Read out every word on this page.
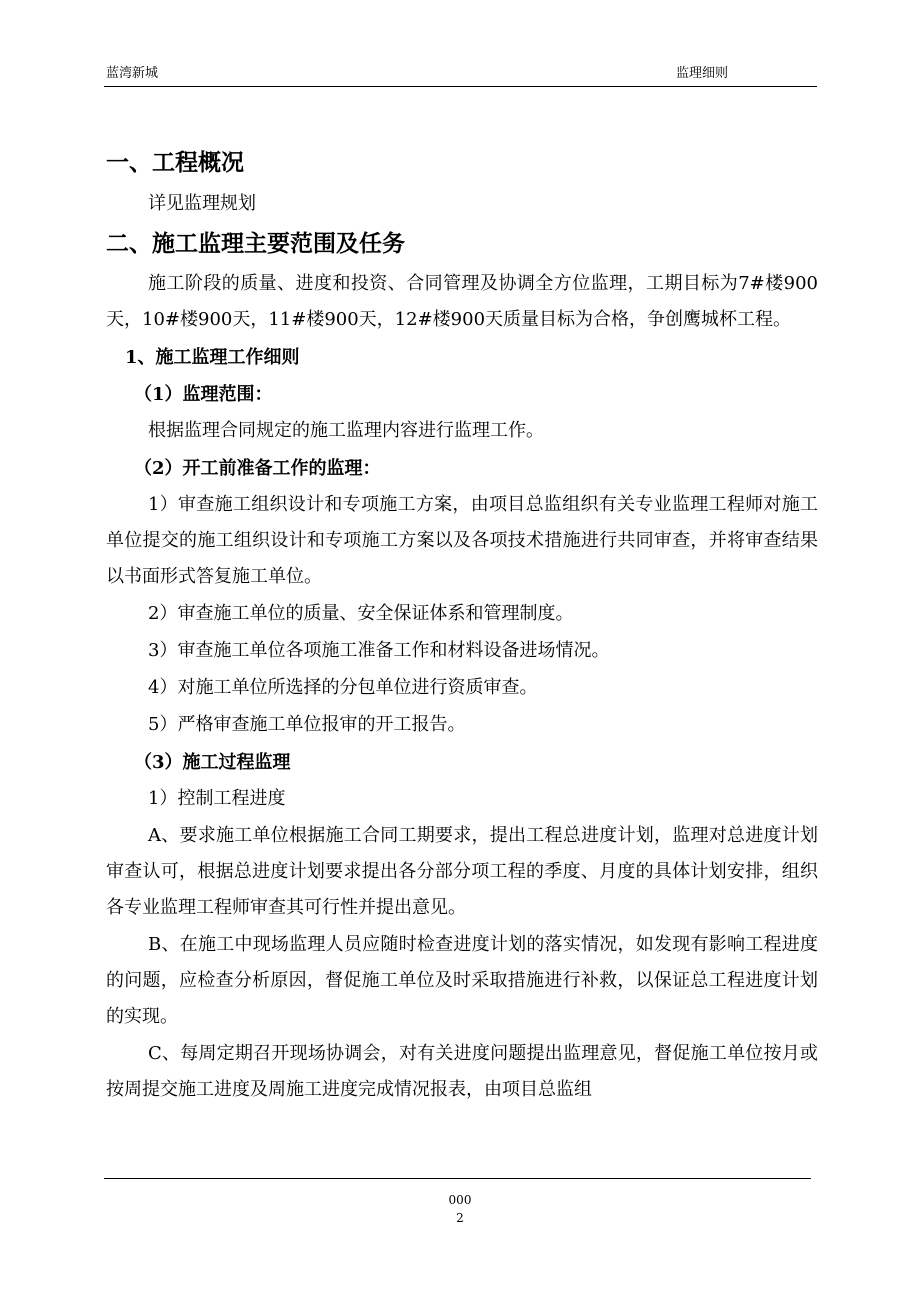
蓝湾新城	监理细则
一、工程概况

详见监理规划

二、施工监理主要范围及任务

施工阶段的质量、进度和投资、合同管理及协调全方位监理，工期目标为7#楼900天，10#楼900天，11#楼900天，12#楼900天质量目标为合格，争创鹰城杯工程。

1、施工监理工作细则
（1）监理范围：

根据监理合同规定的施工监理内容进行监理工作。

（2）开工前准备工作的监理：

1）审查施工组织设计和专项施工方案，由项目总监组织有关专业监理工程师对施工单位提交的施工组织设计和专项施工方案以及各项技术措施进行共同审查，并将审查结果以书面形式答复施工单位。

2）审查施工单位的质量、安全保证体系和管理制度。

3）审查施工单位各项施工准备工作和材料设备进场情况。

4）对施工单位所选择的分包单位进行资质审查。

5）严格审查施工单位报审的开工报告。

（3）施工过程监理

1）控制工程进度

A、要求施工单位根据施工合同工期要求，提出工程总进度计划，监理对总进度计划审查认可，根据总进度计划要求提出各分部分项工程的季度、月度的具体计划安排，组织各专业监理工程师审查其可行性并提出意见。

B、在施工中现场监理人员应随时检查进度计划的落实情况，如发现有影响工程进度的问题，应检查分析原因，督促施工单位及时采取措施进行补救，以保证总工程进度计划的实现。

C、每周定期召开现场协调会，对有关进度问题提出监理意见，督促施工单位按月或按周提交施工进度及周施工进度完成情况报表，由项目总监组

000
2
